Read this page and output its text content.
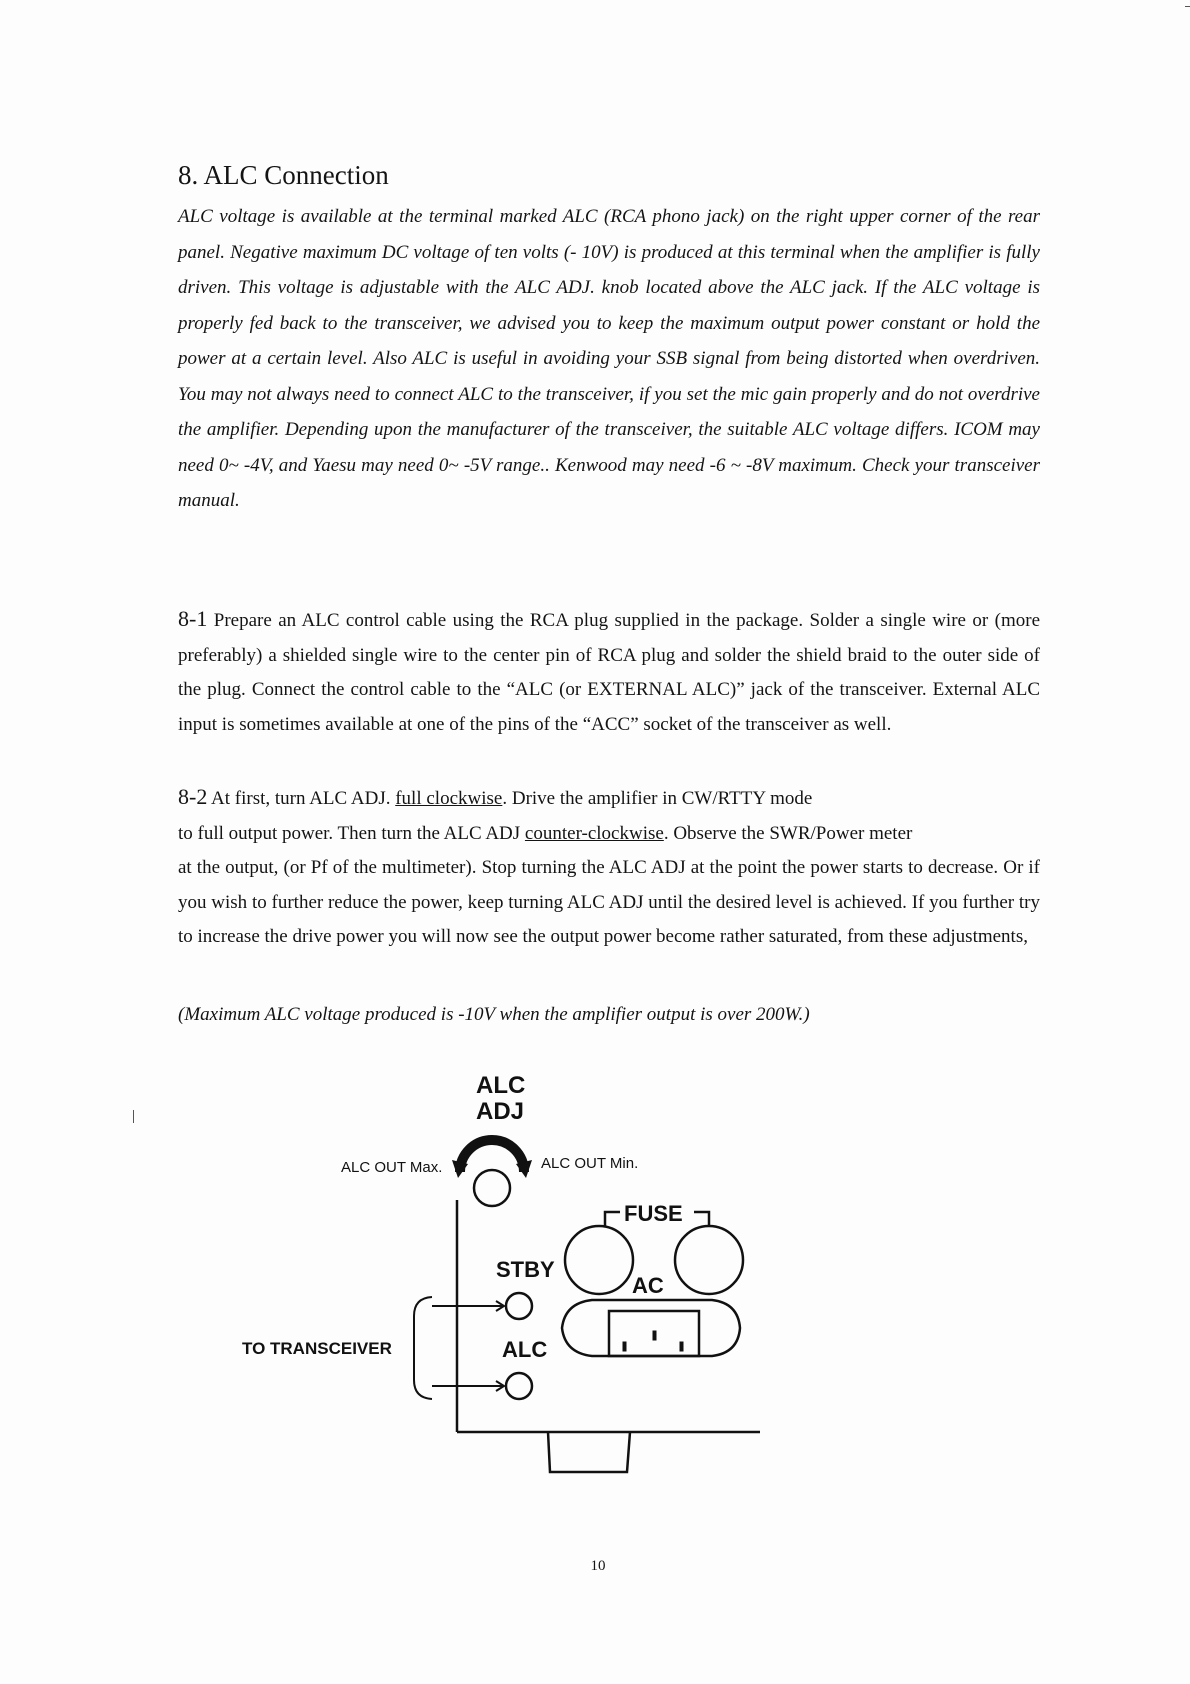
8. ALC Connection

ALC voltage is available at the terminal marked ALC (RCA phono jack) on the right upper corner of the rear panel. Negative maximum DC voltage of ten volts (- 10V) is produced at this terminal when the amplifier is fully driven. This voltage is adjustable with the ALC ADJ. knob located above the ALC jack. If the ALC voltage is properly fed back to the transceiver, we advised you to keep the maximum output power constant or hold the power at a certain level. Also ALC is useful in avoiding your SSB signal from being distorted when overdriven. You may not always need to connect ALC to the transceiver, if you set the mic gain properly and do not overdrive the amplifier. Depending upon the manufacturer of the transceiver, the suitable ALC voltage differs. ICOM may need 0~ -4V, and Yaesu may need 0~ -5V range.. Kenwood may need -6 ~ -8V maximum. Check your transceiver manual.

8-1 Prepare an ALC control cable using the RCA plug supplied in the package. Solder a single wire or (more preferably) a shielded single wire to the center pin of RCA plug and solder the shield braid to the outer side of the plug. Connect the control cable to the “ALC (or EXTERNAL ALC)” jack of the transceiver. External ALC input is sometimes available at one of the pins of the “ACC” socket of the transceiver as well.

8-2 At first, turn ALC ADJ. full clockwise. Drive the amplifier in CW/RTTY mode
to full output power. Then turn the ALC ADJ counter-clockwise. Observe the SWR/Power meter
at the output, (or Pf of the multimeter). Stop turning the ALC ADJ at the point the power starts to decrease. Or if you wish to further reduce the power, keep turning ALC ADJ until the desired level is achieved. If you further try to increase the drive power you will now see the output power become rather saturated, from these adjustments,

(Maximum ALC voltage produced is -10V when the amplifier output is over 200W.)

ALC
ADJ
ALC OUT Max.	ALC OUT Min.
FUSE
STBY
AC
ALC
TO TRANSCEIVER
10
